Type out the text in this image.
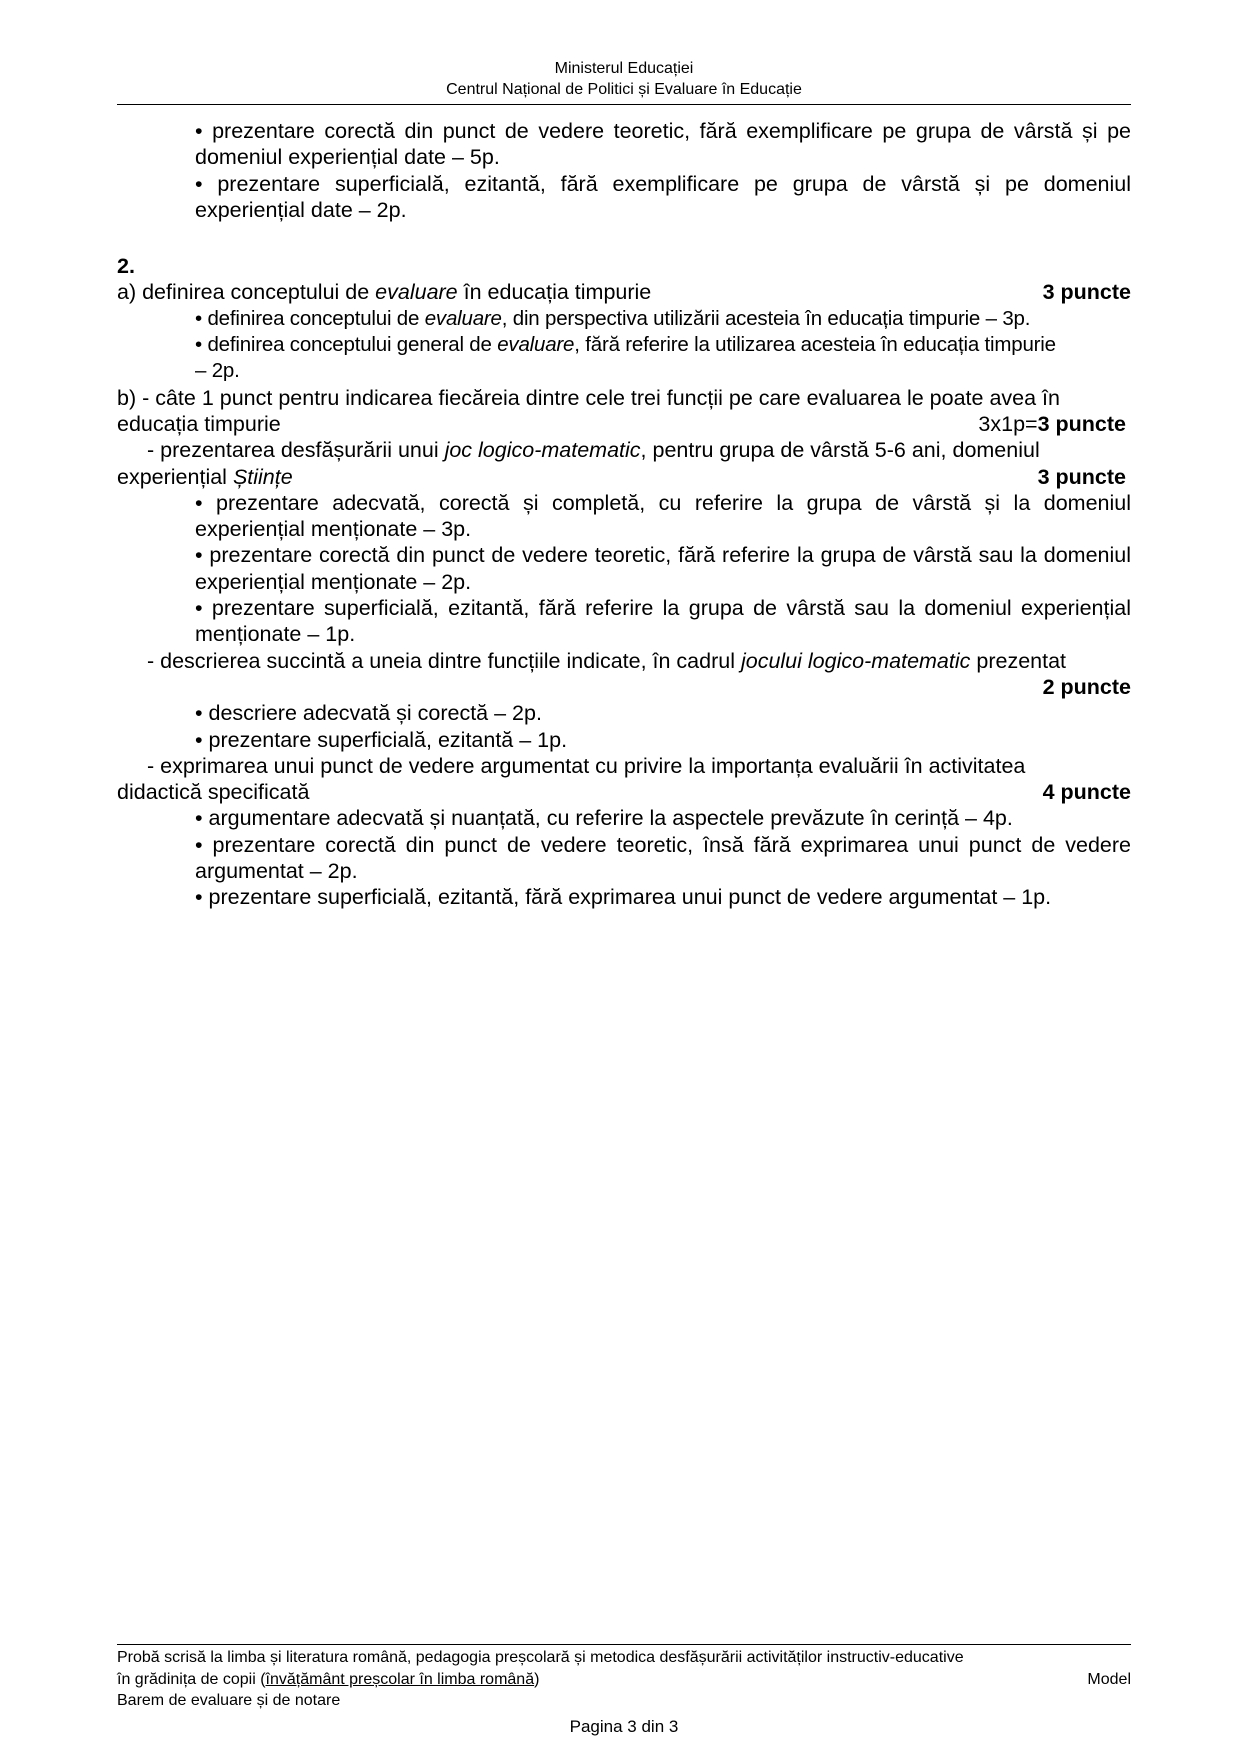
Ministerul Educației
Centrul Național de Politici și Evaluare în Educație
• prezentare corectă din punct de vedere teoretic, fără exemplificare pe grupa de vârstă și pe domeniul experiențial date – 5p.
• prezentare superficială, ezitantă, fără exemplificare pe grupa de vârstă și pe domeniul experiențial date – 2p.
2.
a) definirea conceptului de evaluare în educația timpurie	3 puncte
• definirea conceptului de evaluare, din perspectiva utilizării acesteia în educația timpurie – 3p.
• definirea conceptului general de evaluare, fără referire la utilizarea acesteia în educația timpurie
– 2p.
b) - câte 1 punct pentru indicarea fiecăreia dintre cele trei funcții pe care evaluarea le poate avea în
educația timpurie	3x1p=3 puncte
- prezentarea desfășurării unui joc logico-matematic, pentru grupa de vârstă 5-6 ani, domeniul
experiențial Științe	3 puncte
• prezentare adecvată, corectă și completă, cu referire la grupa de vârstă și la domeniul experiențial menționate – 3p.
• prezentare corectă din punct de vedere teoretic, fără referire la grupa de vârstă sau la domeniul experiențial menționate – 2p.
• prezentare superficială, ezitantă, fără referire la grupa de vârstă sau la domeniul experiențial menționate – 1p.
- descrierea succintă a uneia dintre funcțiile indicate, în cadrul jocului logico-matematic prezentat
2 puncte
• descriere adecvată și corectă – 2p.
• prezentare superficială, ezitantă – 1p.
- exprimarea unui punct de vedere argumentat cu privire la importanța evaluării în activitatea
didactică specificată	4 puncte
• argumentare adecvată și nuanțată, cu referire la aspectele prevăzute în cerință – 4p.
• prezentare corectă din punct de vedere teoretic, însă fără exprimarea unui punct de vedere argumentat – 2p.
• prezentare superficială, ezitantă, fără exprimarea unui punct de vedere argumentat – 1p.
Probă scrisă la limba și literatura română, pedagogia preșcolară și metodica desfășurării activităților instructiv-educative
în grădinița de copii (învățământ preșcolar în limba română)	Model
Barem de evaluare și de notare
Pagina 3 din 3
